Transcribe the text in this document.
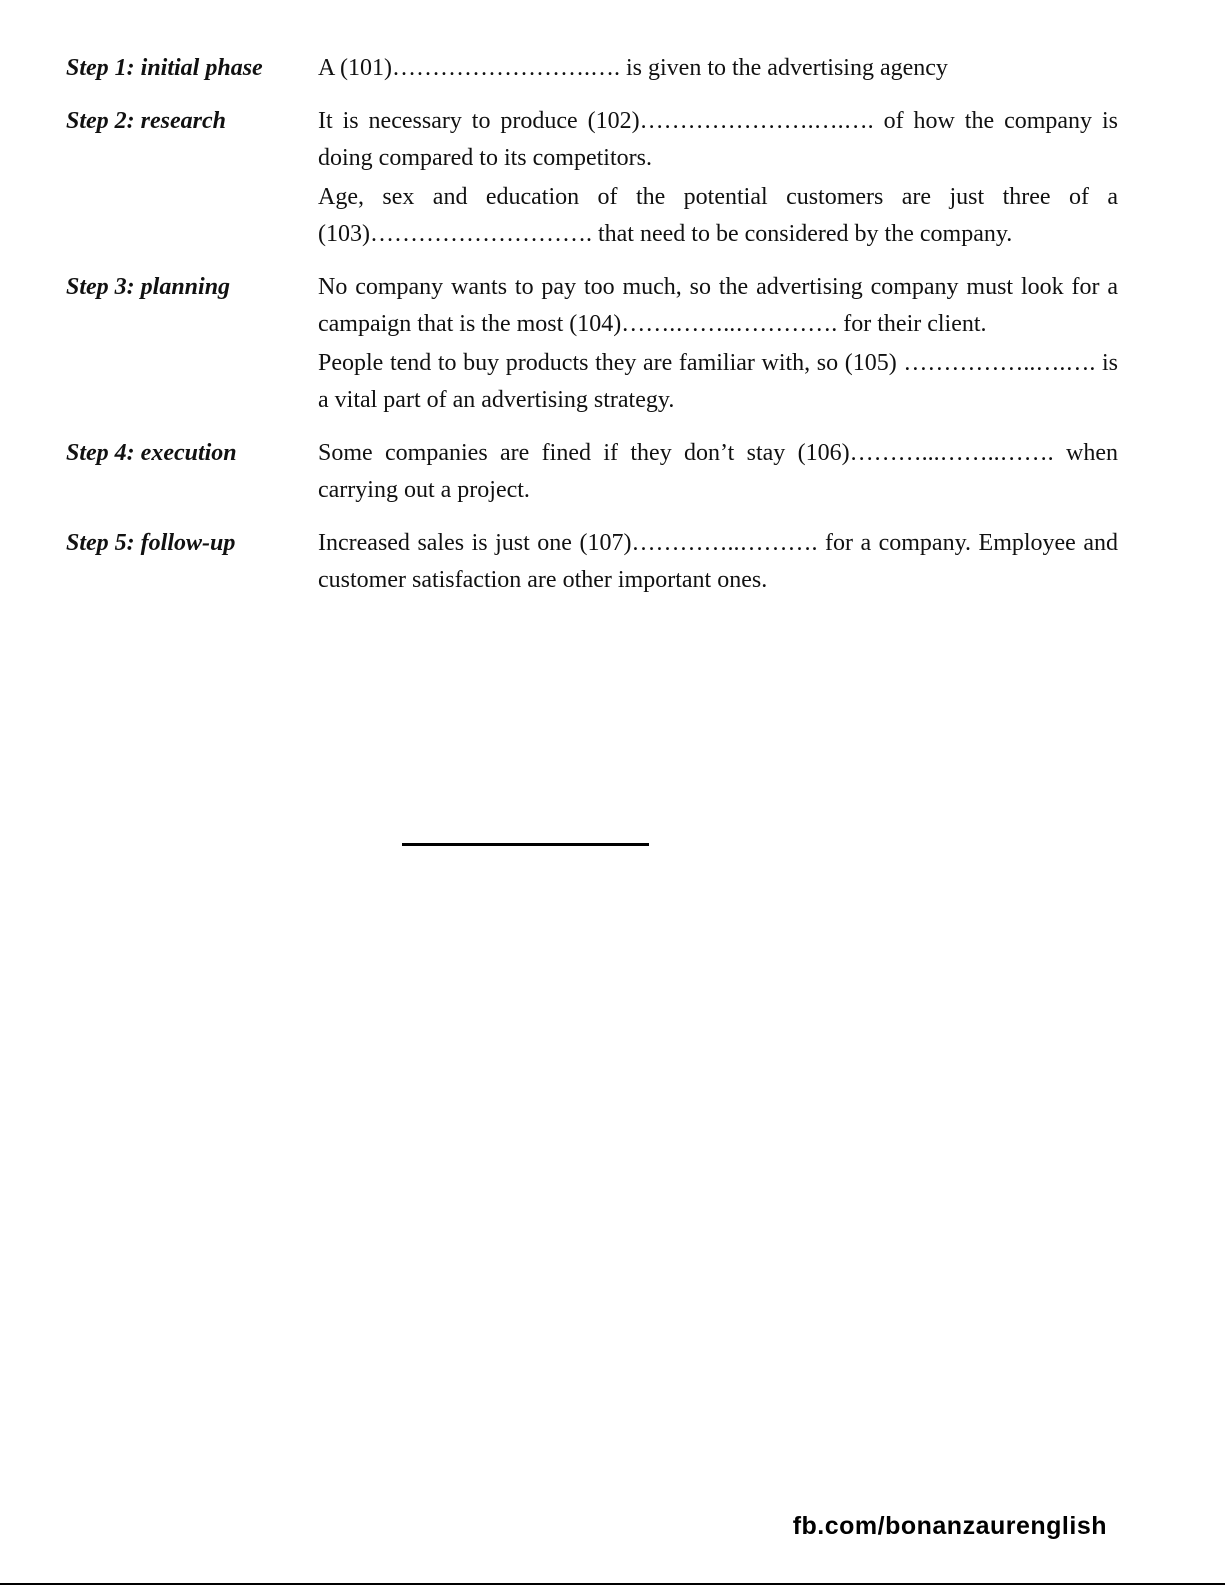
Step 1: initial phase	A (101)…………………….…. is given to the advertising agency

Step 2: research	It is necessary to produce (102)………………….….…. of how the company is doing compared to its competitors.

Age, sex and education of the potential customers are just three of a (103)………………………. that need to be considered by the company.

Step 3: planning	No company wants to pay too much, so the advertising company must look for a campaign that is the most (104)…….……..…………. for their client.

People tend to buy products they are familiar with, so (105) ……………..….…. is a vital part of an advertising strategy.

Step 4: execution	Some companies are fined if they don’t stay (106)………...……..……. when carrying out a project.

Step 5: follow-up	Increased sales is just one (107)…………..………. for a company. Employee and customer satisfaction are other important ones.

fb.com/bonanzaurenglish
